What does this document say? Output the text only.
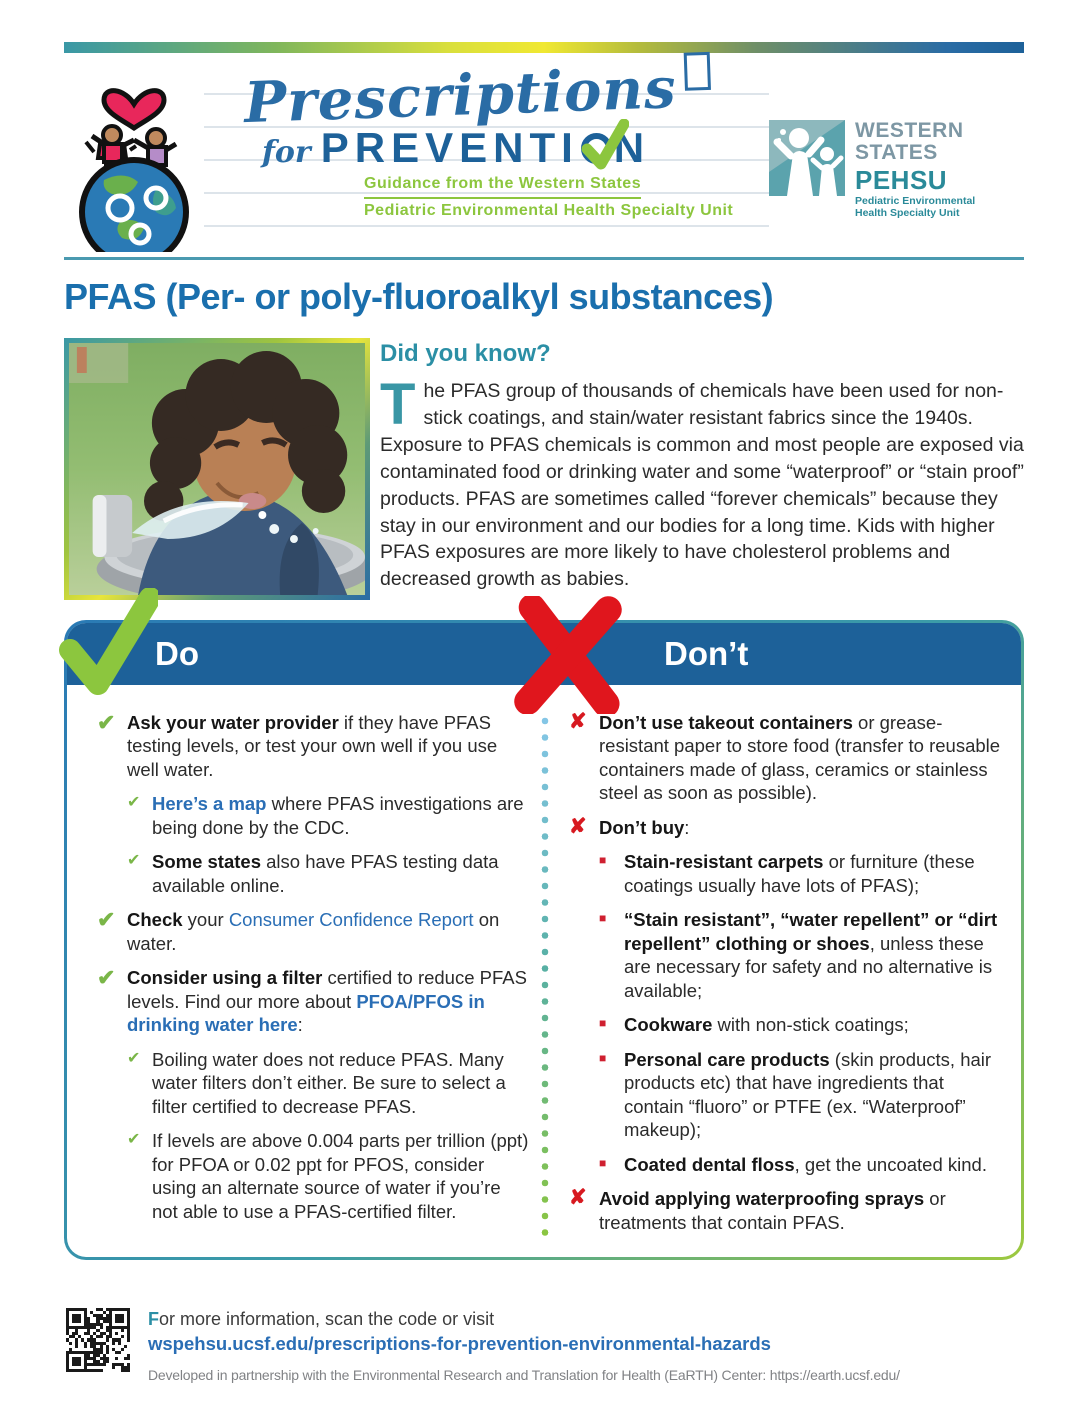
Prescriptions
for PREVENTI N
Guidance from the Western States
Pediatric Environmental Health Specialty Unit
WESTERN
STATES
PEHSU
Pediatric Environmental
Health Specialty Unit
PFAS (Per- or poly-fluoroalkyl substances)
Did you know?

The PFAS group of thousands of chemicals have been used for non-stick coatings, and stain/water resistant fabrics since the 1940s. Exposure to PFAS chemicals is common and most people are exposed via contaminated food or drinking water and some “waterproof” or “stain proof” products. PFAS are sometimes called “forever chemicals” because they stay in our environment and our bodies for a long time. Kids with higher PFAS exposures are more likely to have cholesterol problems and decreased growth as babies.

Do	Don’t
✔ Ask your water provider if they have PFAS testing levels, or test your own well if you use well water.
✔ Here’s a map where PFAS investigations are being done by the CDC.
✔ Some states also have PFAS testing data available online.
✔ Check your Consumer Confidence Report on water.
✔ Consider using a filter certified to reduce PFAS levels. Find our more about PFOA/PFOS in drinking water here:
✔ Boiling water does not reduce PFAS. Many water filters don’t either. Be sure to select a filter certified to decrease PFAS.
✔ If levels are above 0.004 parts per trillion (ppt) for PFOA or 0.02 ppt for PFOS, consider using an alternate source of water if you’re not able to use a PFAS-certified filter.
✘ Don’t use takeout containers or grease-resistant paper to store food (transfer to reusable containers made of glass, ceramics or stainless steel as soon as possible).
✘ Don’t buy:
■ Stain-resistant carpets or furniture (these coatings usually have lots of PFAS);
■ “Stain resistant”, “water repellent” or “dirt repellent” clothing or shoes, unless these are necessary for safety and no alternative is available;
■ Cookware with non-stick coatings;
■ Personal care products (skin products, hair products etc) that have ingredients that contain “fluoro” or PTFE (ex. “Waterproof” makeup);
■ Coated dental floss, get the uncoated kind.
✘ Avoid applying waterproofing sprays or treatments that contain PFAS.
For more information, scan the code or visit
wspehsu.ucsf.edu/prescriptions-for-prevention-environmental-hazards
Developed in partnership with the Environmental Research and Translation for Health (EaRTH) Center: https://earth.ucsf.edu/
